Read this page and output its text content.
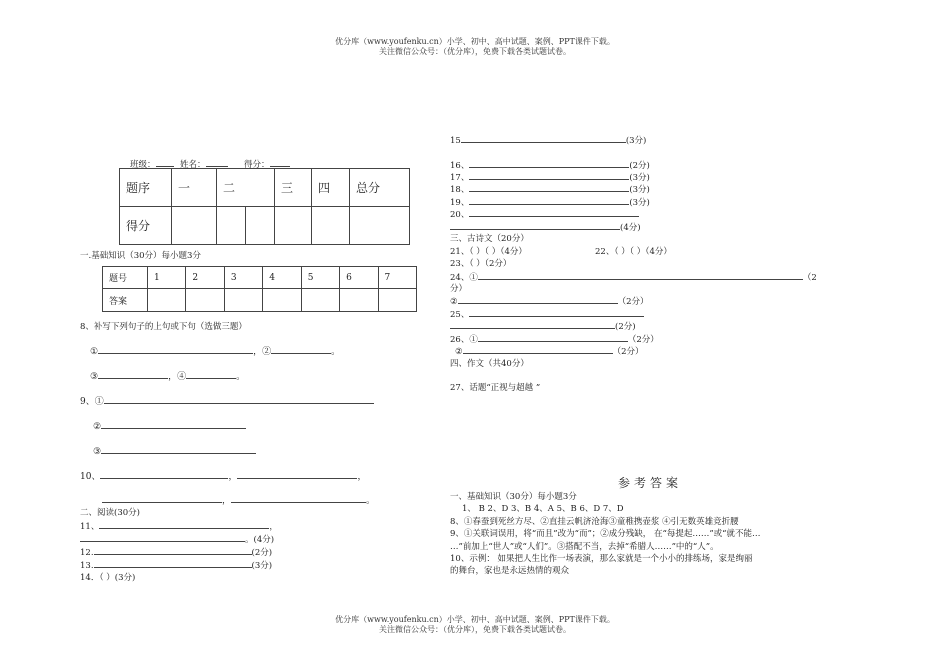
优分库（www.youfenku.cn）小学、初中、高中试题、案例、PPT课件下载。
关注微信公众号：（优分库），免费下载各类试题试卷。
班级：	姓名：	得分：
题序	一	二		三	四	总分
得分						
一.基础知识（30分）每小题3分
题号	1	2	3	4	5	6	7
答案							
8、补写下列句子的上句或下句（选做三题）
①	，②	。
③	，④	。
9、①
②
③
10、	，	，
，	。
二、阅读(30分)
11、	，
。(4分)
12.	(2分)
13.	(3分)
14．（ ）(3分)
15	(3分)
16、	(2分)
17、	(3分)
18、	(3分)
19、	(3分)
20、
(4分)
三、古诗文（20分）
21、（ ）（ ）（4分）	22、（ ）（ ）（4分）
23、（ ）（2分）
24、①	（2
分）
②	（2分）
25、
(2分)
26、①	（2分）
②	（2分）
四、作文（共40分）
27、话题“正视与超越 ”
参考答案
一、基础知识（30分）每小题3分
1、 B 2、D 3、B 4、A 5、B 6、D 7、D
8、①春蚕到死丝方尽、②直挂云帆济沧海③童稚携壶浆 ④引无数英雄竞折腰
9、①关联词误用，将“而且”改为“而”；②成分残缺， 在“每提起……”或“就不能…
…”前加上“世人”或“人们”。③搭配不当，去掉“希腊人……”中的“人”。
10、示例： 如果把人生比作一场表演，那么家就是一个小小的排练场，家是绚丽
的舞台，家也是永远热情的观众
优分库（www.youfenku.cn）小学、初中、高中试题、案例、PPT课件下载。
关注微信公众号：（优分库），免费下载各类试题试卷。
